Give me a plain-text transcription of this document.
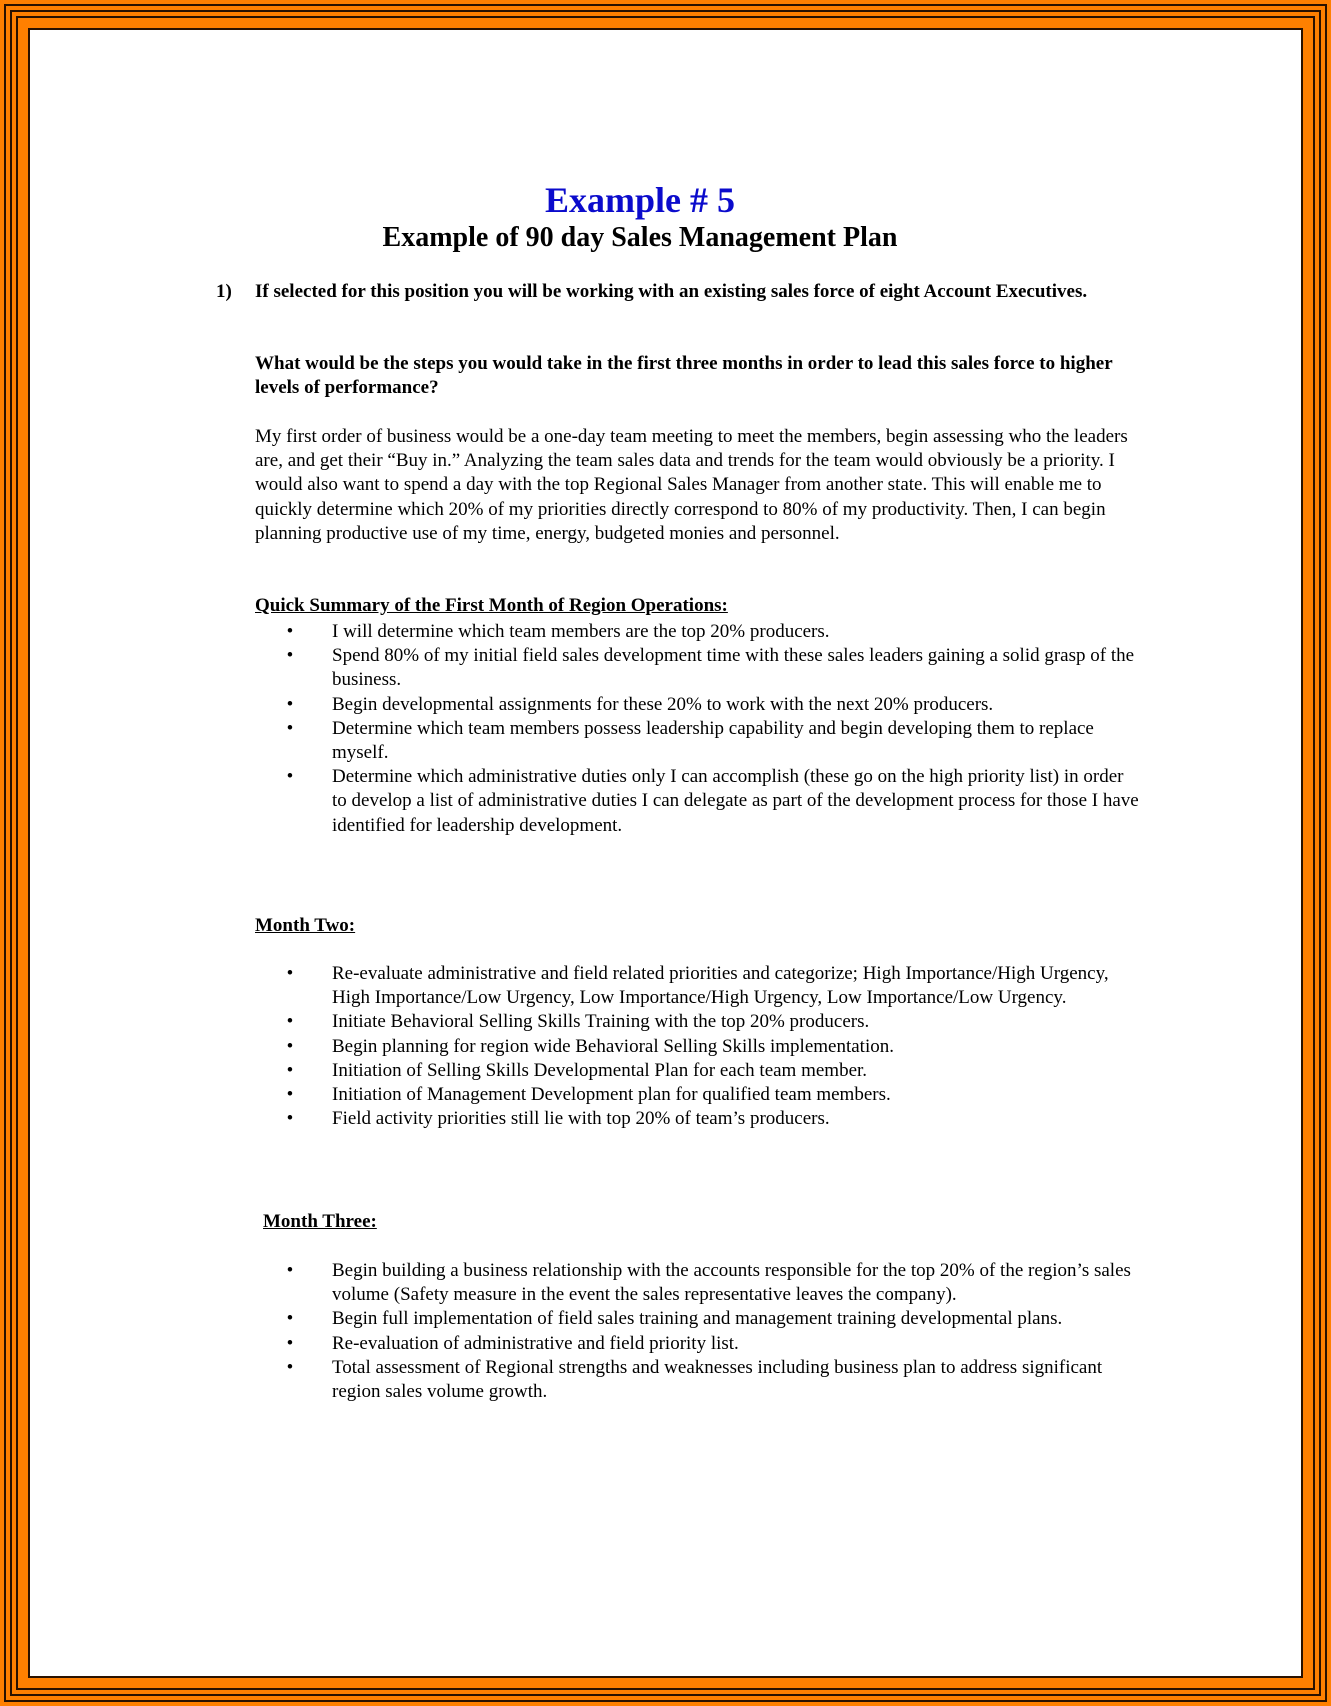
Example # 5
Example of 90 day Sales Management Plan
1) If selected for this position you will be working with an existing sales force of eight Account Executives.
What would be the steps you would take in the first three months in order to lead this sales force to higher levels of performance?
My first order of business would be a one-day team meeting to meet the members, begin assessing who the leaders are, and get their “Buy in.” Analyzing the team sales data and trends for the team would obviously be a priority. I would also want to spend a day with the top Regional Sales Manager from another state. This will enable me to quickly determine which 20% of my priorities directly correspond to 80% of my productivity. Then, I can begin planning productive use of my time, energy, budgeted monies and personnel.
Quick Summary of the First Month of Region Operations:
•	I will determine which team members are the top 20% producers.
•	Spend 80% of my initial field sales development time with these sales leaders gaining a solid grasp of the business.
•	Begin developmental assignments for these 20% to work with the next 20% producers.
•	Determine which team members possess leadership capability and begin developing them to replace myself.
•	Determine which administrative duties only I can accomplish (these go on the high priority list) in order to develop a list of administrative duties I can delegate as part of the development process for those I have identified for leadership development.
Month Two:
•	Re-evaluate administrative and field related priorities and categorize; High Importance/High Urgency, High Importance/Low Urgency, Low Importance/High Urgency, Low Importance/Low Urgency.
•	Initiate Behavioral Selling Skills Training with the top 20% producers.
•	Begin planning for region wide Behavioral Selling Skills implementation.
•	Initiation of Selling Skills Developmental Plan for each team member.
•	Initiation of Management Development plan for qualified team members.
•	Field activity priorities still lie with top 20% of team’s producers.
Month Three:
•	Begin building a business relationship with the accounts responsible for the top 20% of the region’s sales volume (Safety measure in the event the sales representative leaves the company).
•	Begin full implementation of field sales training and management training developmental plans.
•	Re-evaluation of administrative and field priority list.
•	Total assessment of Regional strengths and weaknesses including business plan to address significant region sales volume growth.
